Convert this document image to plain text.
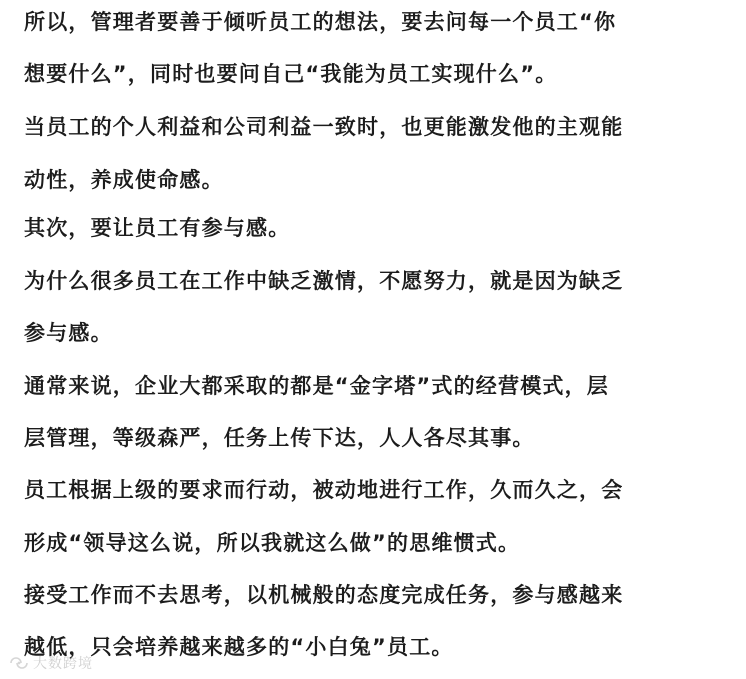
所以，管理者要善于倾听员工的想法，要去问每一个员工“你
想要什么”，同时也要问自己“我能为员工实现什么”。
当员工的个人利益和公司利益一致时，也更能激发他的主观能
动性，养成使命感。
其次，要让员工有参与感。
为什么很多员工在工作中缺乏激情，不愿努力，就是因为缺乏
参与感。
通常来说，企业大都采取的都是“金字塔”式的经营模式，层
层管理，等级森严，任务上传下达，人人各尽其事。
员工根据上级的要求而行动，被动地进行工作，久而久之，会
形成“领导这么说，所以我就这么做”的思维惯式。
接受工作而不去思考，以机械般的态度完成任务，参与感越来
越低，只会培养越来越多的“小白兔”员工。
大数跨境
